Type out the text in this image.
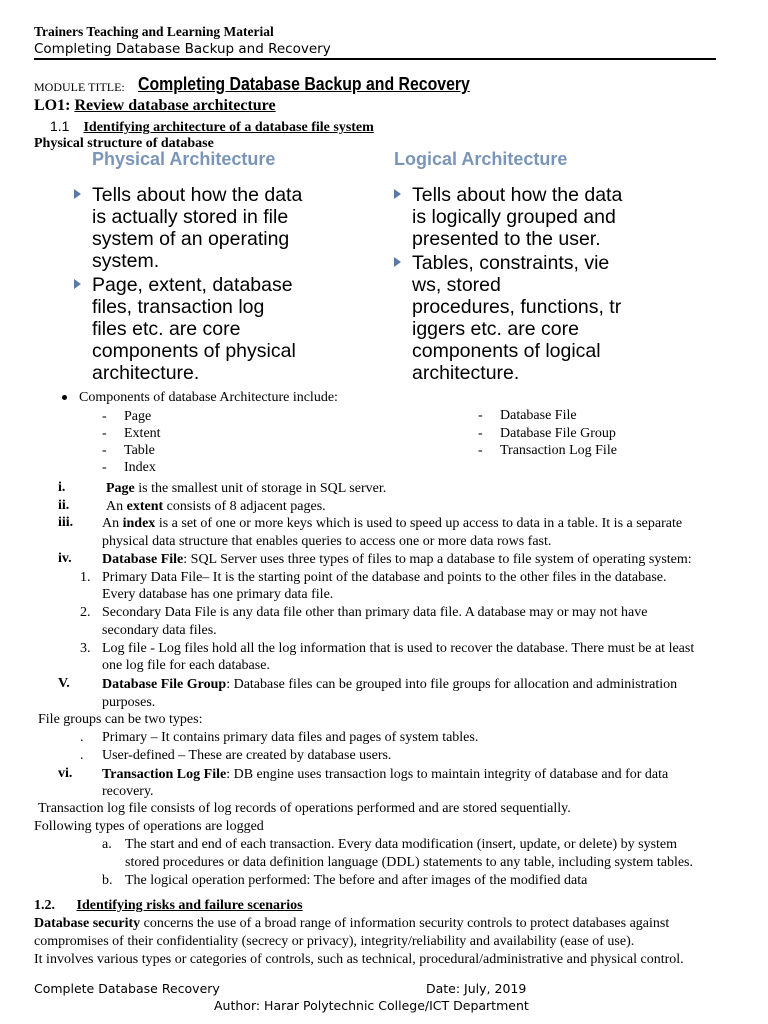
Trainers Teaching and Learning Material
Completing Database Backup and Recovery
MODULE TITLE: Completing Database Backup and Recovery
LO1: Review database architecture
1.1 Identifying architecture of a database file system
Physical structure of database
Physical Architecture
Tells about how the data
is actually stored in file
system of an operating
system.
Page, extent, database
files, transaction log
files etc. are core
components of physical
architecture.
Logical Architecture
Tells about how the data
is logically grouped and
presented to the user.
Tables, constraints, vie
ws, stored
procedures, functions, tr
iggers etc. are core
components of logical
architecture.
Components of database Architecture include:
- Page
- Extent
- Table
- Index
- Database File
- Database File Group
- Transaction Log File
i.	Page is the smallest unit of storage in SQL server.
ii.	An extent consists of 8 adjacent pages.
iii. An index is a set of one or more keys which is used to speed up access to data in a table. It is a separate
physical data structure that enables queries to access one or more data rows fast.
iv. Database File: SQL Server uses three types of files to map a database to file system of operating system:
1. Primary Data File– It is the starting point of the database and points to the other files in the database.
Every database has one primary data file.
2. Secondary Data File is any data file other than primary data file. A database may or may not have
secondary data files.
3. Log file - Log files hold all the log information that is used to recover the database. There must be at least
one log file for each database.
V. Database File Group: Database files can be grouped into file groups for allocation and administration
purposes.
File groups can be two types:
. Primary – It contains primary data files and pages of system tables.
. User-defined – These are created by database users.
vi. Transaction Log File: DB engine uses transaction logs to maintain integrity of database and for data
recovery.
Transaction log file consists of log records of operations performed and are stored sequentially.
Following types of operations are logged
a. The start and end of each transaction. Every data modification (insert, update, or delete) by system
stored procedures or data definition language (DDL) statements to any table, including system tables.
b. The logical operation performed: The before and after images of the modified data
1.2. Identifying risks and failure scenarios
Database security concerns the use of a broad range of information security controls to protect databases against
compromises of their confidentiality (secrecy or privacy), integrity/reliability and availability (ease of use).
It involves various types or categories of controls, such as technical, procedural/administrative and physical control.
Complete Database Recovery	Date: July, 2019
Author: Harar Polytechnic College/ICT Department
